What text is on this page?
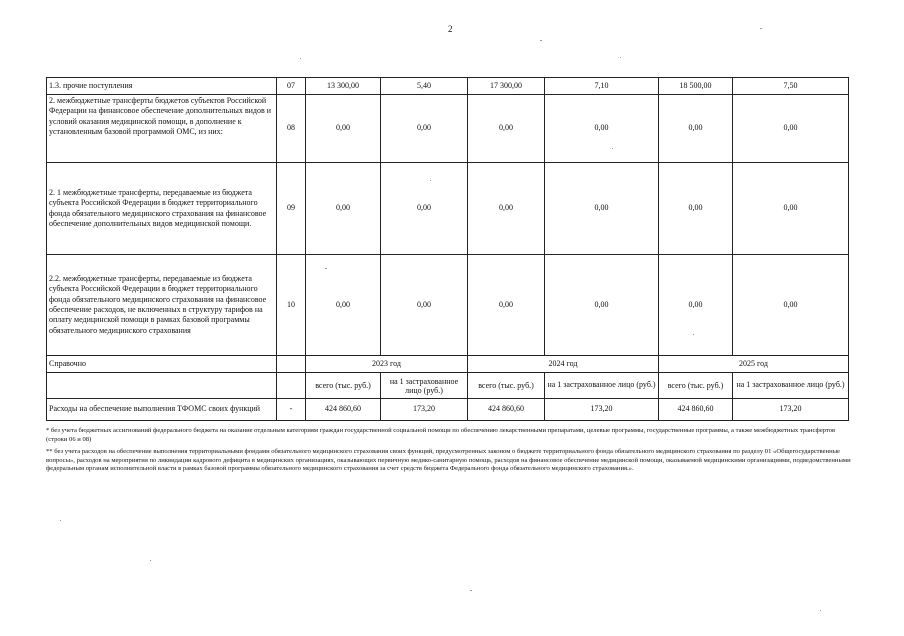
2
1.3. прочие поступления	07	13 300,00	5,40	17 300,00	7,10	18 500,00	7,50
2. межбюджетные трансферты бюджетов субъектов Российской Федерации на финансовое обеспечение дополнительных видов и условий оказания медицинской помощи, в дополнение к установленным базовой программой ОМС, из них:	08	0,00	0,00	0,00	0,00	0,00	0,00
2. 1 межбюджетные трансферты, передаваемые из бюджета субъекта Российской Федерации в бюджет территориального фонда обязательного медицинского страхования на финансовое обеспечение дополнительных видов медицинской помощи.	09	0,00	0,00	0,00	0,00	0,00	0,00
2.2. межбюджетные трансферты, передаваемые из бюджета субъекта Российской Федерации в бюджет территориального фонда обязательного медицинского страхования на финансовое обеспечение расходов, не включенных в структуру тарифов на оплату медицинской помощи в рамках базовой программы обязательного медицинского страхования	10	0,00	0,00	0,00	0,00	0,00	0,00
Справочно		2023 год		2024 год		2025 год	
		всего (тыс. руб.)	на 1 застрахованное лицо (руб.)	всего (тыс. руб.)	на 1 застрахованное лицо (руб.)	всего (тыс. руб.)	на 1 застрахованное лицо (руб.)
Расходы на обеспечение выполнения ТФОМС своих функций	-	424 860,60	173,20	424 860,60	173,20	424 860,60	173,20

* без учета бюджетных ассигнований федерального бюджета на оказание отдельным категориям граждан государственной социальной помощи по обеспечению лекарственными препаратами, целевые программы, государственные программы, а также межбюджетных трансфертов (строки 06 и 08)

** без учета расходов на обеспечение выполнения территориальными фондами обязательного медицинского страхования своих функций, предусмотренных законом о бюджете территориального фонда обязательного медицинского страхования по разделу 01 «Общегосударственные вопросы», расходов на мероприятия по ликвидации кадрового дефицита в медицинских организациях, оказывающих первичную медико-санитарную помощь, расходов на финансовое обеспечение медицинской помощи, оказываемой медицинскими организациями, подведомственными федеральным органам исполнительной власти в рамках базовой программы обязательного медицинского страхования за счет средств бюджета Федерального фонда обязательного медицинского страхования.».
